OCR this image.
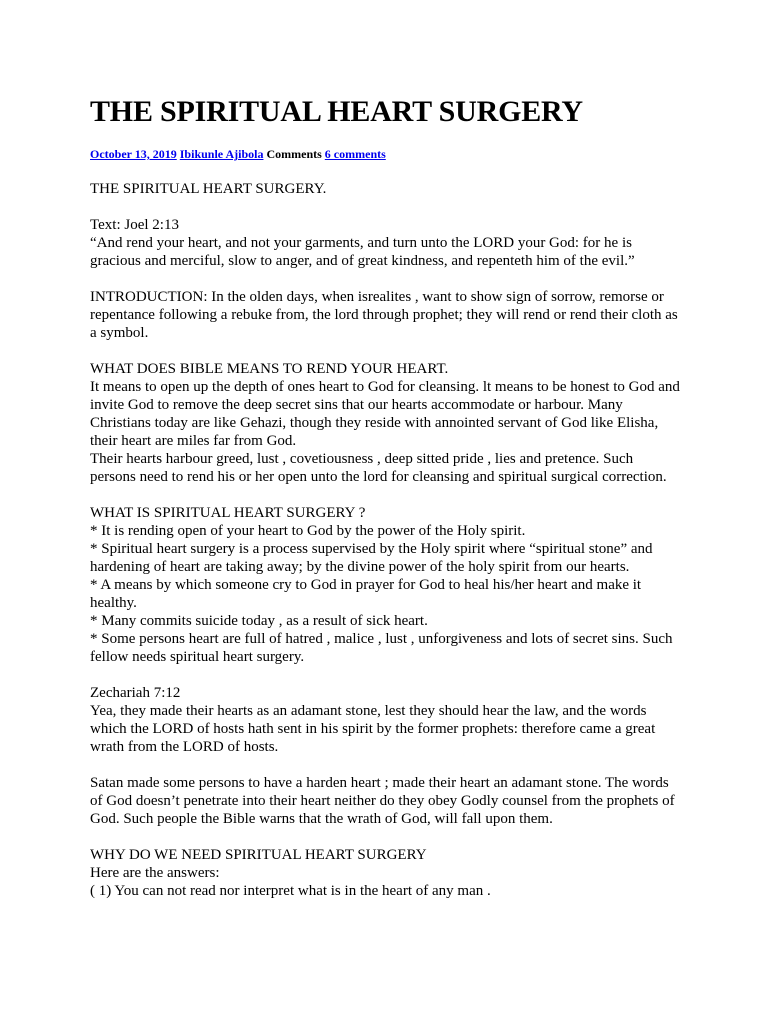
THE SPIRITUAL HEART SURGERY
October 13, 2019 Ibikunle Ajibola Comments 6 comments

THE SPIRITUAL HEART SURGERY.

Text: Joel 2:13
“And rend your heart, and not your garments, and turn unto the LORD your God: for he is gracious and merciful, slow to anger, and of great kindness, and repenteth him of the evil.”

INTRODUCTION: In the olden days, when isrealites , want to show sign of sorrow, remorse or repentance following a rebuke from, the lord through prophet; they will rend or rend their cloth as a symbol.

WHAT DOES BIBLE MEANS TO REND YOUR HEART.
It means to open up the depth of ones heart to God for cleansing. lt means to be honest to God and invite God to remove the deep secret sins that our hearts accommodate or harbour. Many Christians today are like Gehazi, though they reside with annointed servant of God like Elisha, their heart are miles far from God.
Their hearts harbour greed, lust , covetiousness , deep sitted pride , lies and pretence. Such persons need to rend his or her open unto the lord for cleansing and spiritual surgical correction.

WHAT IS SPIRITUAL HEART SURGERY ?
* It is rending open of your heart to God by the power of the Holy spirit.
* Spiritual heart surgery is a process supervised by the Holy spirit where “spiritual stone” and hardening of heart are taking away; by the divine power of the holy spirit from our hearts.
* A means by which someone cry to God in prayer for God to heal his/her heart and make it healthy.
* Many commits suicide today , as a result of sick heart.
* Some persons heart are full of hatred , malice , lust , unforgiveness and lots of secret sins. Such fellow needs spiritual heart surgery.

Zechariah 7:12
Yea, they made their hearts as an adamant stone, lest they should hear the law, and the words which the LORD of hosts hath sent in his spirit by the former prophets: therefore came a great wrath from the LORD of hosts.

Satan made some persons to have a harden heart ; made their heart an adamant stone. The words of God doesn’t penetrate into their heart neither do they obey Godly counsel from the prophets of God. Such people the Bible warns that the wrath of God, will fall upon them.

WHY DO WE NEED SPIRITUAL HEART SURGERY
Here are the answers:
( 1) You can not read nor interpret what is in the heart of any man .
